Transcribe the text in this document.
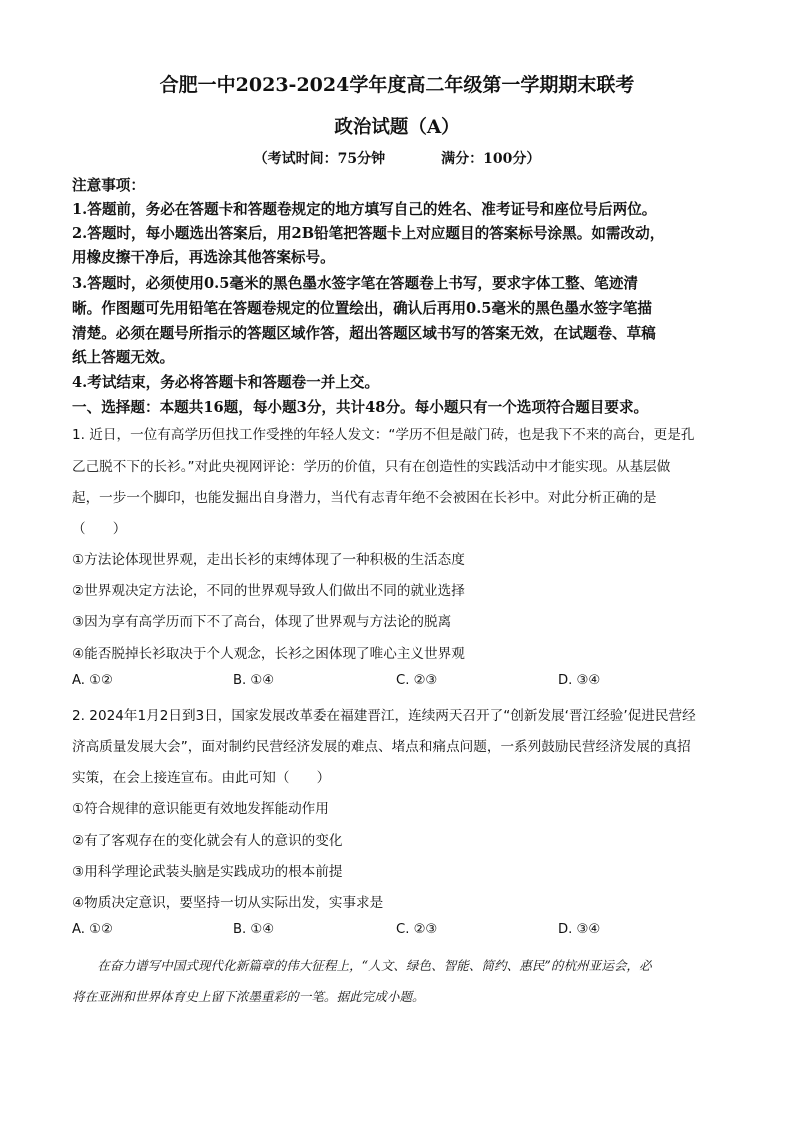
合肥一中2023-2024学年度高二年级第一学期期末联考
政治试题（A）
（考试时间：75分钟　　　　满分：100分）
注意事项：
1.答题前，务必在答题卡和答题卷规定的地方填写自己的姓名、准考证号和座位号后两位。
2.答题时，每小题选出答案后，用2B铅笔把答题卡上对应题目的答案标号涂黑。如需改动，
用橡皮擦干净后，再选涂其他答案标号。
3.答题时，必须使用0.5毫米的黑色墨水签字笔在答题卷上书写，要求字体工整、笔迹清
晰。作图题可先用铅笔在答题卷规定的位置绘出，确认后再用0.5毫米的黑色墨水签字笔描
清楚。必须在题号所指示的答题区域作答，超出答题区域书写的答案无效，在试题卷、草稿
纸上答题无效。
4.考试结束，务必将答题卡和答题卷一并上交。
一、选择题：本题共16题，每小题3分，共计48分。每小题只有一个选项符合题目要求。
1. 近日，一位有高学历但找工作受挫的年轻人发文：“学历不但是敲门砖，也是我下不来的高台，更是孔
乙己脱不下的长衫。”对此央视网评论：学历的价值，只有在创造性的实践活动中才能实现。从基层做
起，一步一个脚印，也能发掘出自身潜力，当代有志青年绝不会被困在长衫中。对此分析正确的是
（　　）
①方法论体现世界观，走出长衫的束缚体现了一种积极的生活态度
②世界观决定方法论，不同的世界观导致人们做出不同的就业选择
③因为享有高学历而下不了高台，体现了世界观与方法论的脱离
④能否脱掉长衫取决于个人观念，长衫之困体现了唯心主义世界观
A. ①②	B. ①④	C. ②③	D. ③④
2. 2024年1月2日到3日，国家发展改革委在福建晋江，连续两天召开了“创新发展‘晋江经验’促进民营经
济高质量发展大会”，面对制约民营经济发展的难点、堵点和痛点问题，一系列鼓励民营经济发展的真招
实策，在会上接连宣布。由此可知（　　）
①符合规律的意识能更有效地发挥能动作用
②有了客观存在的变化就会有人的意识的变化
③用科学理论武装头脑是实践成功的根本前提
④物质决定意识，要坚持一切从实际出发，实事求是
A. ①②	B. ①④	C. ②③	D. ③④
　　在奋力谱写中国式现代化新篇章的伟大征程上，“人文、绿色、智能、简约、惠民”的杭州亚运会，必
将在亚洲和世界体育史上留下浓墨重彩的一笔。据此完成小题。
